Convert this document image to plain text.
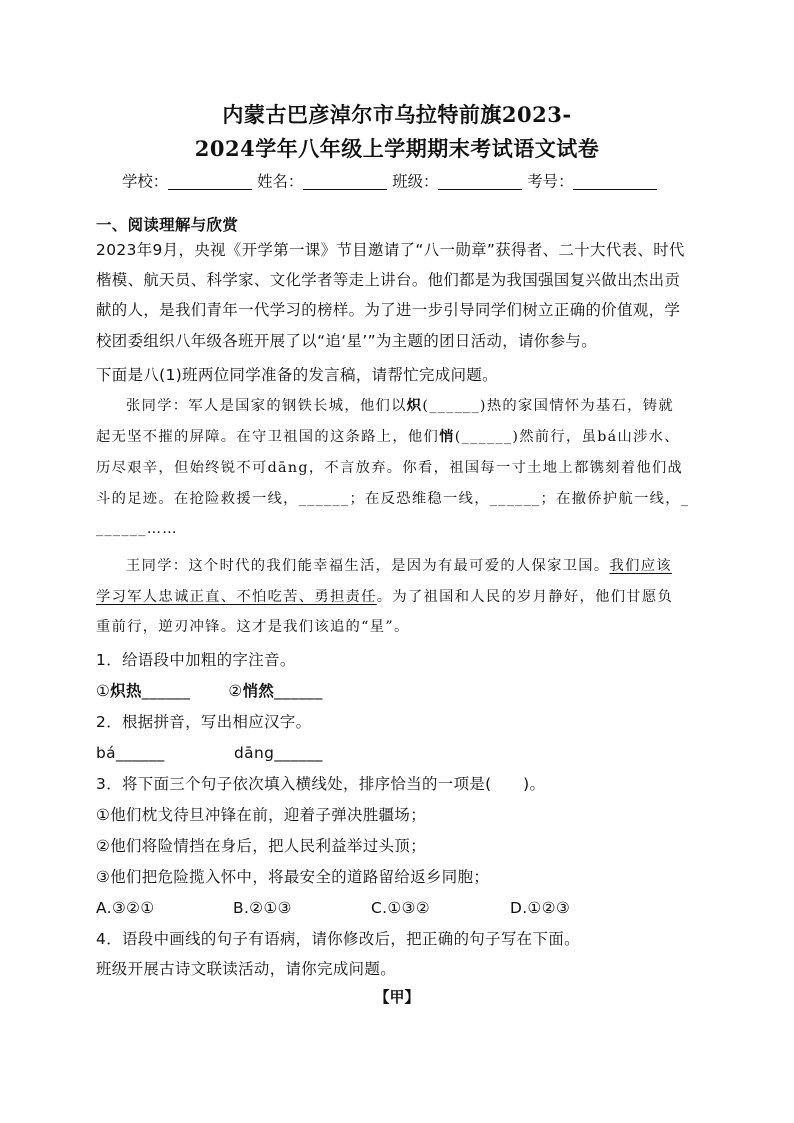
内蒙古巴彦淖尔市乌拉特前旗2023-
2024学年八年级上学期期末考试语文试卷
学校：	姓名：	班级：	考号：
一、阅读理解与欣赏
2023年9月，央视《开学第一课》节目邀请了“八一勋章”获得者、二十大代表、时代
楷模、航天员、科学家、文化学者等走上讲台。他们都是为我国强国复兴做出杰出贡
献的人，是我们青年一代学习的榜样。为了进一步引导同学们树立正确的价值观，学
校团委组织八年级各班开展了以“追‘星’”为主题的团日活动，请你参与。
下面是八(1)班两位同学准备的发言稿，请帮忙完成问题。
张同学：军人是国家的钢铁长城，他们以炽(______)热的家国情怀为基石，铸就
起无坚不摧的屏障。在守卫祖国的这条路上，他们悄(______)然前行，虽bá山涉水、
历尽艰辛，但始终锐不可dāng，不言放弃。你看，祖国每一寸土地上都镌刻着他们战
斗的足迹。在抢险救援一线，______；在反恐维稳一线，______；在撤侨护航一线，_
______……
王同学：这个时代的我们能幸福生活，是因为有最可爱的人保家卫国。我们应该
学习军人忠诚正直、不怕吃苦、勇担责任。为了祖国和人民的岁月静好，他们甘愿负
重前行，逆刃冲锋。这才是我们该追的“星”。
1．给语段中加粗的字注音。
①炽热______ ②悄然______
2．根据拼音，写出相应汉字。
bá______	dāng______
3．将下面三个句子依次填入横线处，排序恰当的一项是(　　)。
①他们枕戈待旦冲锋在前，迎着子弹决胜疆场；
②他们将险情挡在身后，把人民利益举过头顶；
③他们把危险揽入怀中，将最安全的道路留给返乡同胞；
A.③②①	B.②①③	C.①③②	D.①②③
4．语段中画线的句子有语病，请你修改后，把正确的句子写在下面。
班级开展古诗文联读活动，请你完成问题。
【甲】
